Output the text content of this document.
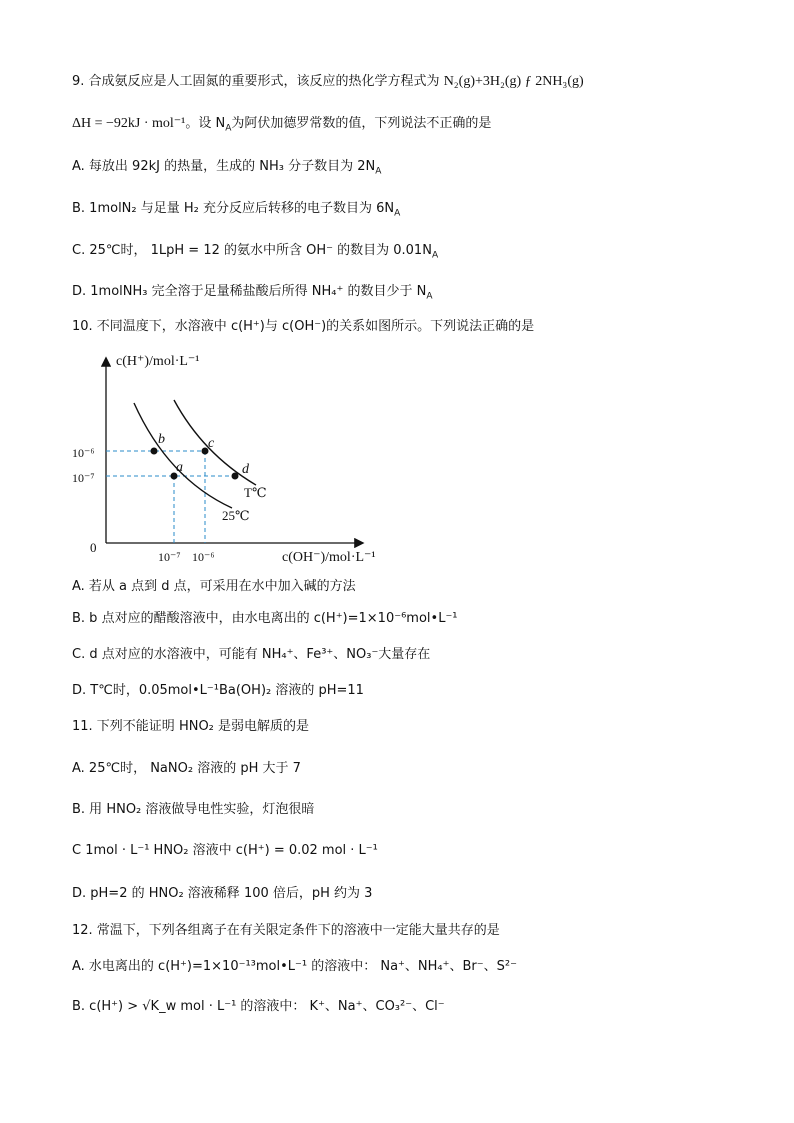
9. 合成氨反应是人工固氮的重要形式，该反应的热化学方程式为 N₂(g)+3H₂(g) ƒ 2NH₃(g)
ΔH = −92kJ · mol⁻¹。设 $N_A$为阿伏加德罗常数的值，下列说法不正确的是
A. 每放出 92kJ 的热量，生成的 NH₃ 分子数目为 $2N_A$
B. 1molN₂ 与足量 H₂ 充分反应后转移的电子数目为 $6N_A$
C. 25℃时， 1LpH = 12 的氨水中所含 OH⁻ 的数目为 $0.01N_A$
D. 1molNH₃ 完全溶于足量稀盐酸后所得 NH₄⁺ 的数目少于 $N_A$
10. 不同温度下，水溶液中 c(H⁺)与 c(OH⁻)的关系如图所示。下列说法正确的是
b
a
c
d
T℃
25℃
c(H⁺)/mol·L⁻¹
c(OH⁻)/mol·L⁻¹
0
10⁻⁶
10⁻⁷
10⁻⁷ 10⁻⁶
A. 若从 a 点到 d 点，可采用在水中加入碱的方法
B. b 点对应的醋酸溶液中，由水电离出的 c(H⁺)=1×10⁻⁶mol•L⁻¹
C. d 点对应的水溶液中，可能有 NH₄⁺、Fe³⁺、NO₃⁻大量存在
D. T℃时，0.05mol•L⁻¹Ba(OH)₂ 溶液的 pH=11
11. 下列不能证明 HNO₂ 是弱电解质的是
A. 25℃时， NaNO₂ 溶液的 pH 大于 7
B. 用 HNO₂ 溶液做导电性实验，灯泡很暗
C 1mol · L⁻¹ HNO₂ 溶液中 c(H⁺) = 0.02 mol · L⁻¹
D. pH=2 的 HNO₂ 溶液稀释 100 倍后，pH 约为 3
12. 常温下，下列各组离子在有关限定条件下的溶液中一定能大量共存的是
A. 水电离出的 c(H⁺)=1×10⁻¹³mol•L⁻¹ 的溶液中： Na⁺、NH₄⁺、Br⁻、S²⁻
B. c(H⁺) > √K_w mol · L⁻¹ 的溶液中： K⁺、Na⁺、CO₃²⁻、Cl⁻
